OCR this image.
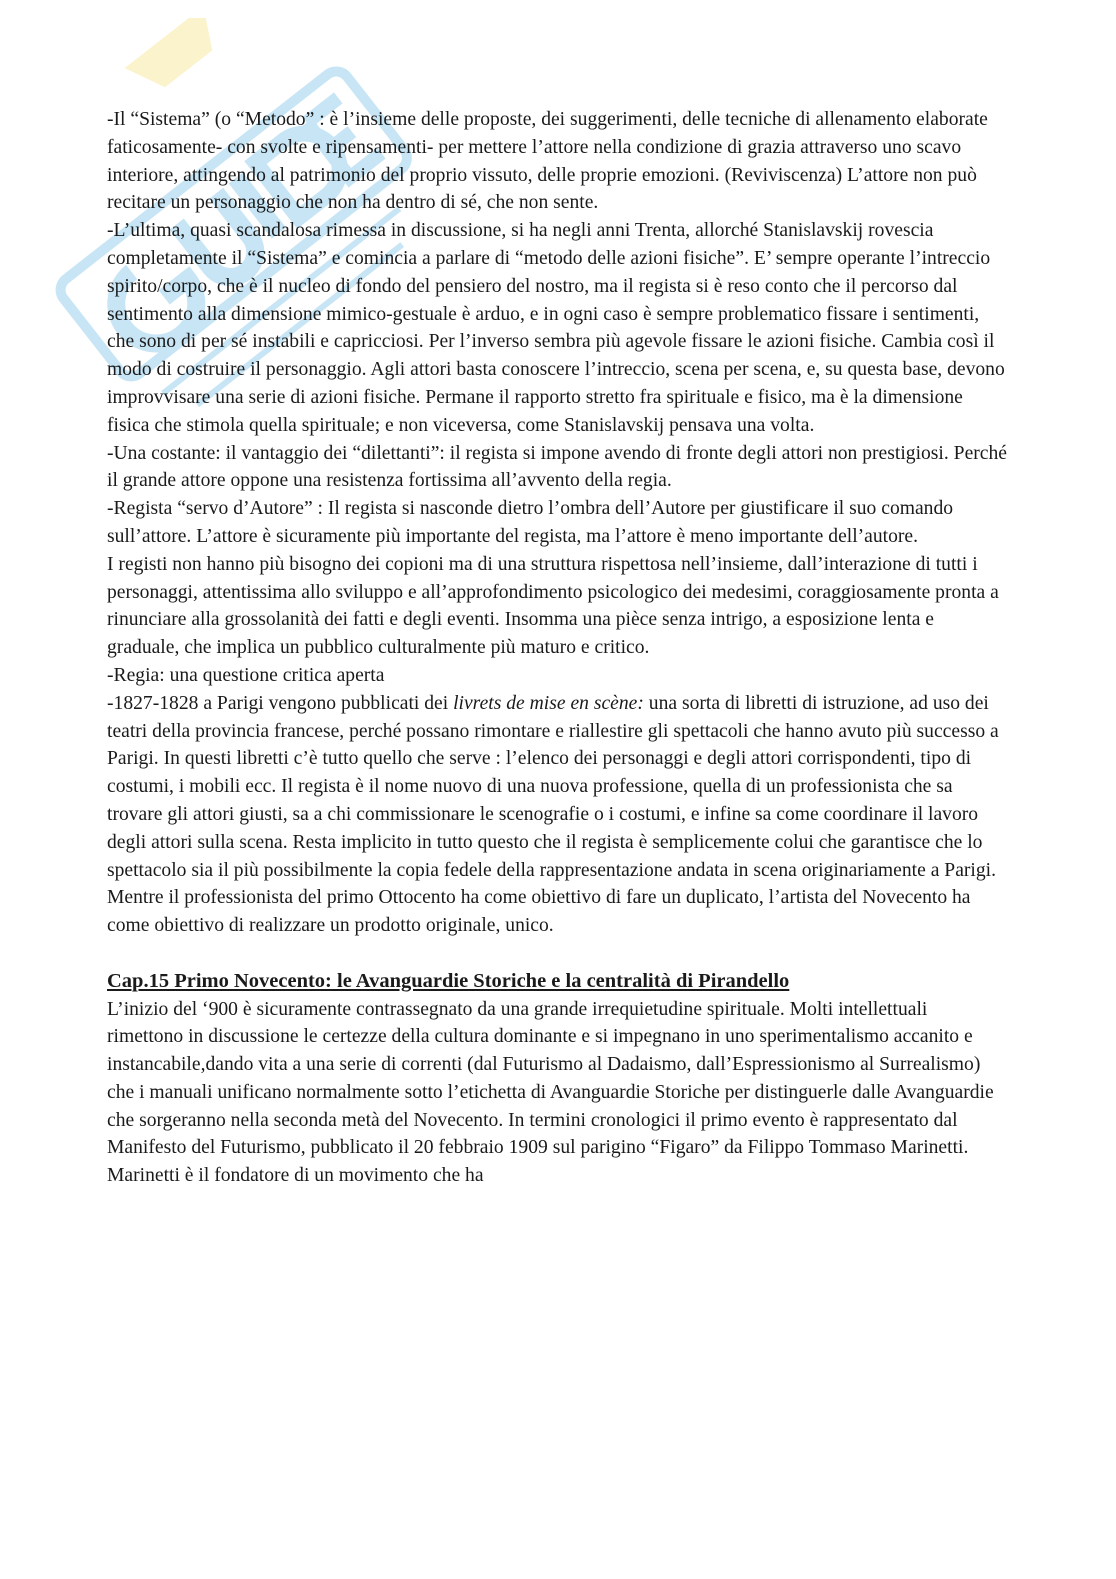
-Il “Sistema” (o “Metodo” : è l’insieme delle proposte, dei suggerimenti, delle tecniche di allenamento elaborate faticosamente- con svolte e ripensamenti- per mettere l’attore nella condizione di grazia attraverso uno scavo interiore, attingendo al patrimonio del proprio vissuto, delle proprie emozioni. (Reviviscenza) L’attore non può recitare un personaggio che non ha dentro di sé, che non sente.

-L’ultima, quasi scandalosa rimessa in discussione, si ha negli anni Trenta, allorché Stanislavskij rovescia completamente il “Sistema” e comincia a parlare di “metodo delle azioni fisiche”. E’ sempre operante l’intreccio spirito/corpo, che è il nucleo di fondo del pensiero del nostro, ma il regista si è reso conto che il percorso dal sentimento alla dimensione mimico-gestuale è arduo, e in ogni caso è sempre problematico fissare i sentimenti, che sono di per sé instabili e capricciosi. Per l’inverso sembra più agevole fissare le azioni fisiche. Cambia così il modo di costruire il personaggio. Agli attori basta conoscere l’intreccio, scena per scena, e, su questa base, devono improvvisare una serie di azioni fisiche. Permane il rapporto stretto fra spirituale e fisico, ma è la dimensione fisica che stimola quella spirituale; e non viceversa, come Stanislavskij pensava una volta.

-Una costante: il vantaggio dei “dilettanti”: il regista si impone avendo di fronte degli attori non prestigiosi. Perché il grande attore oppone una resistenza fortissima all’avvento della regia.

-Regista “servo d’Autore” : Il regista si nasconde dietro l’ombra dell’Autore per giustificare il suo comando sull’attore. L’attore è sicuramente più importante del regista, ma l’attore è meno importante dell’autore.

I registi non hanno più bisogno dei copioni ma di una struttura rispettosa nell’insieme, dall’interazione di tutti i personaggi, attentissima allo sviluppo e all’approfondimento psicologico dei medesimi, coraggiosamente pronta a rinunciare alla grossolanità dei fatti e degli eventi. Insomma una pièce senza intrigo, a esposizione lenta e graduale, che implica un pubblico culturalmente più maturo e critico.

-Regia: una questione critica aperta

-1827-1828 a Parigi vengono pubblicati dei livrets de mise en scène: una sorta di libretti di istruzione, ad uso dei teatri della provincia francese, perché possano rimontare e riallestire gli spettacoli che hanno avuto più successo a Parigi. In questi libretti c’è tutto quello che serve : l’elenco dei personaggi e degli attori corrispondenti, tipo di costumi, i mobili ecc. Il regista è il nome nuovo di una nuova professione, quella di un professionista che sa trovare gli attori giusti, sa a chi commissionare le scenografie o i costumi, e infine sa come coordinare il lavoro degli attori sulla scena. Resta implicito in tutto questo che il regista è semplicemente colui che garantisce che lo spettacolo sia il più possibilmente la copia fedele della rappresentazione andata in scena originariamente a Parigi. Mentre il professionista del primo Ottocento ha come obiettivo di fare un duplicato, l’artista del Novecento ha come obiettivo di realizzare un prodotto originale, unico.

Cap.15 Primo Novecento: le Avanguardie Storiche e la centralità di Pirandello

L’inizio del ‘900 è sicuramente contrassegnato da una grande irrequietudine spirituale. Molti intellettuali rimettono in discussione le certezze della cultura dominante e si impegnano in uno sperimentalismo accanito e instancabile,dando vita a una serie di correnti (dal Futurismo al Dadaismo, dall’Espressionismo al Surrealismo) che i manuali unificano normalmente sotto l’etichetta di Avanguardie Storiche per distinguerle dalle Avanguardie che sorgeranno nella seconda metà del Novecento. In termini cronologici il primo evento è rappresentato dal Manifesto del Futurismo, pubblicato il 20 febbraio 1909 sul parigino “Figaro” da Filippo Tommaso Marinetti. Marinetti è il fondatore di un movimento che ha
